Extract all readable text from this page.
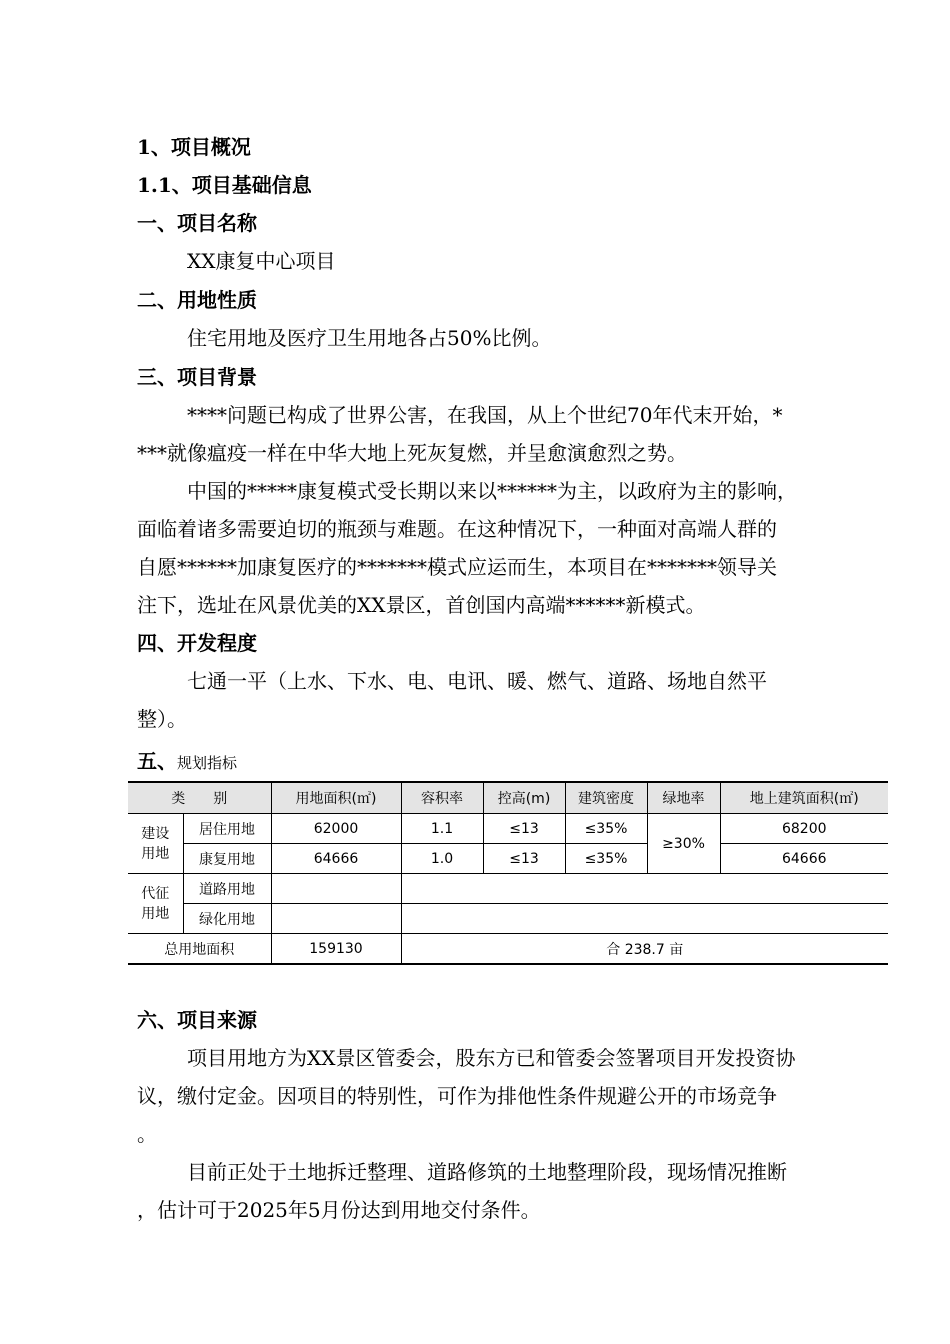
1、项目概况
1.1、项目基础信息
一、项目名称
XX康复中心项目
二、用地性质
住宅用地及医疗卫生用地各占50%比例。
三、项目背景
****问题已构成了世界公害，在我国，从上个世纪70年代末开始，*
***就像瘟疫一样在中华大地上死灰复燃，并呈愈演愈烈之势。
中国的*****康复模式受长期以来以******为主，以政府为主的影响，
面临着诸多需要迫切的瓶颈与难题。在这种情况下，一种面对高端人群的
自愿******加康复医疗的*******模式应运而生，本项目在*******领导关
注下，选址在风景优美的XX景区，首创国内高端******新模式。
四、开发程度
七通一平（上水、下水、电、电讯、暖、燃气、道路、场地自然平
整）。
五、规划指标
类　　别		用地面积(㎡)	容积率	控高(m)	建筑密度	绿地率	地上建筑面积(㎡)

建设
用地	居住用地	62000	1.1	≤13	≤35%	≥30%	68200
	康复用地	64666	1.0	≤13	≤35%		64666

代征
用地	道路用地						
	绿化用地						
总用地面积		159130	合 238.7 亩				
六、项目来源
项目用地方为XX景区管委会，股东方已和管委会签署项目开发投资协
议，缴付定金。因项目的特别性，可作为排他性条件规避公开的市场竞争
。
目前正处于土地拆迁整理、道路修筑的土地整理阶段，现场情况推断
，估计可于2025年5月份达到用地交付条件。
